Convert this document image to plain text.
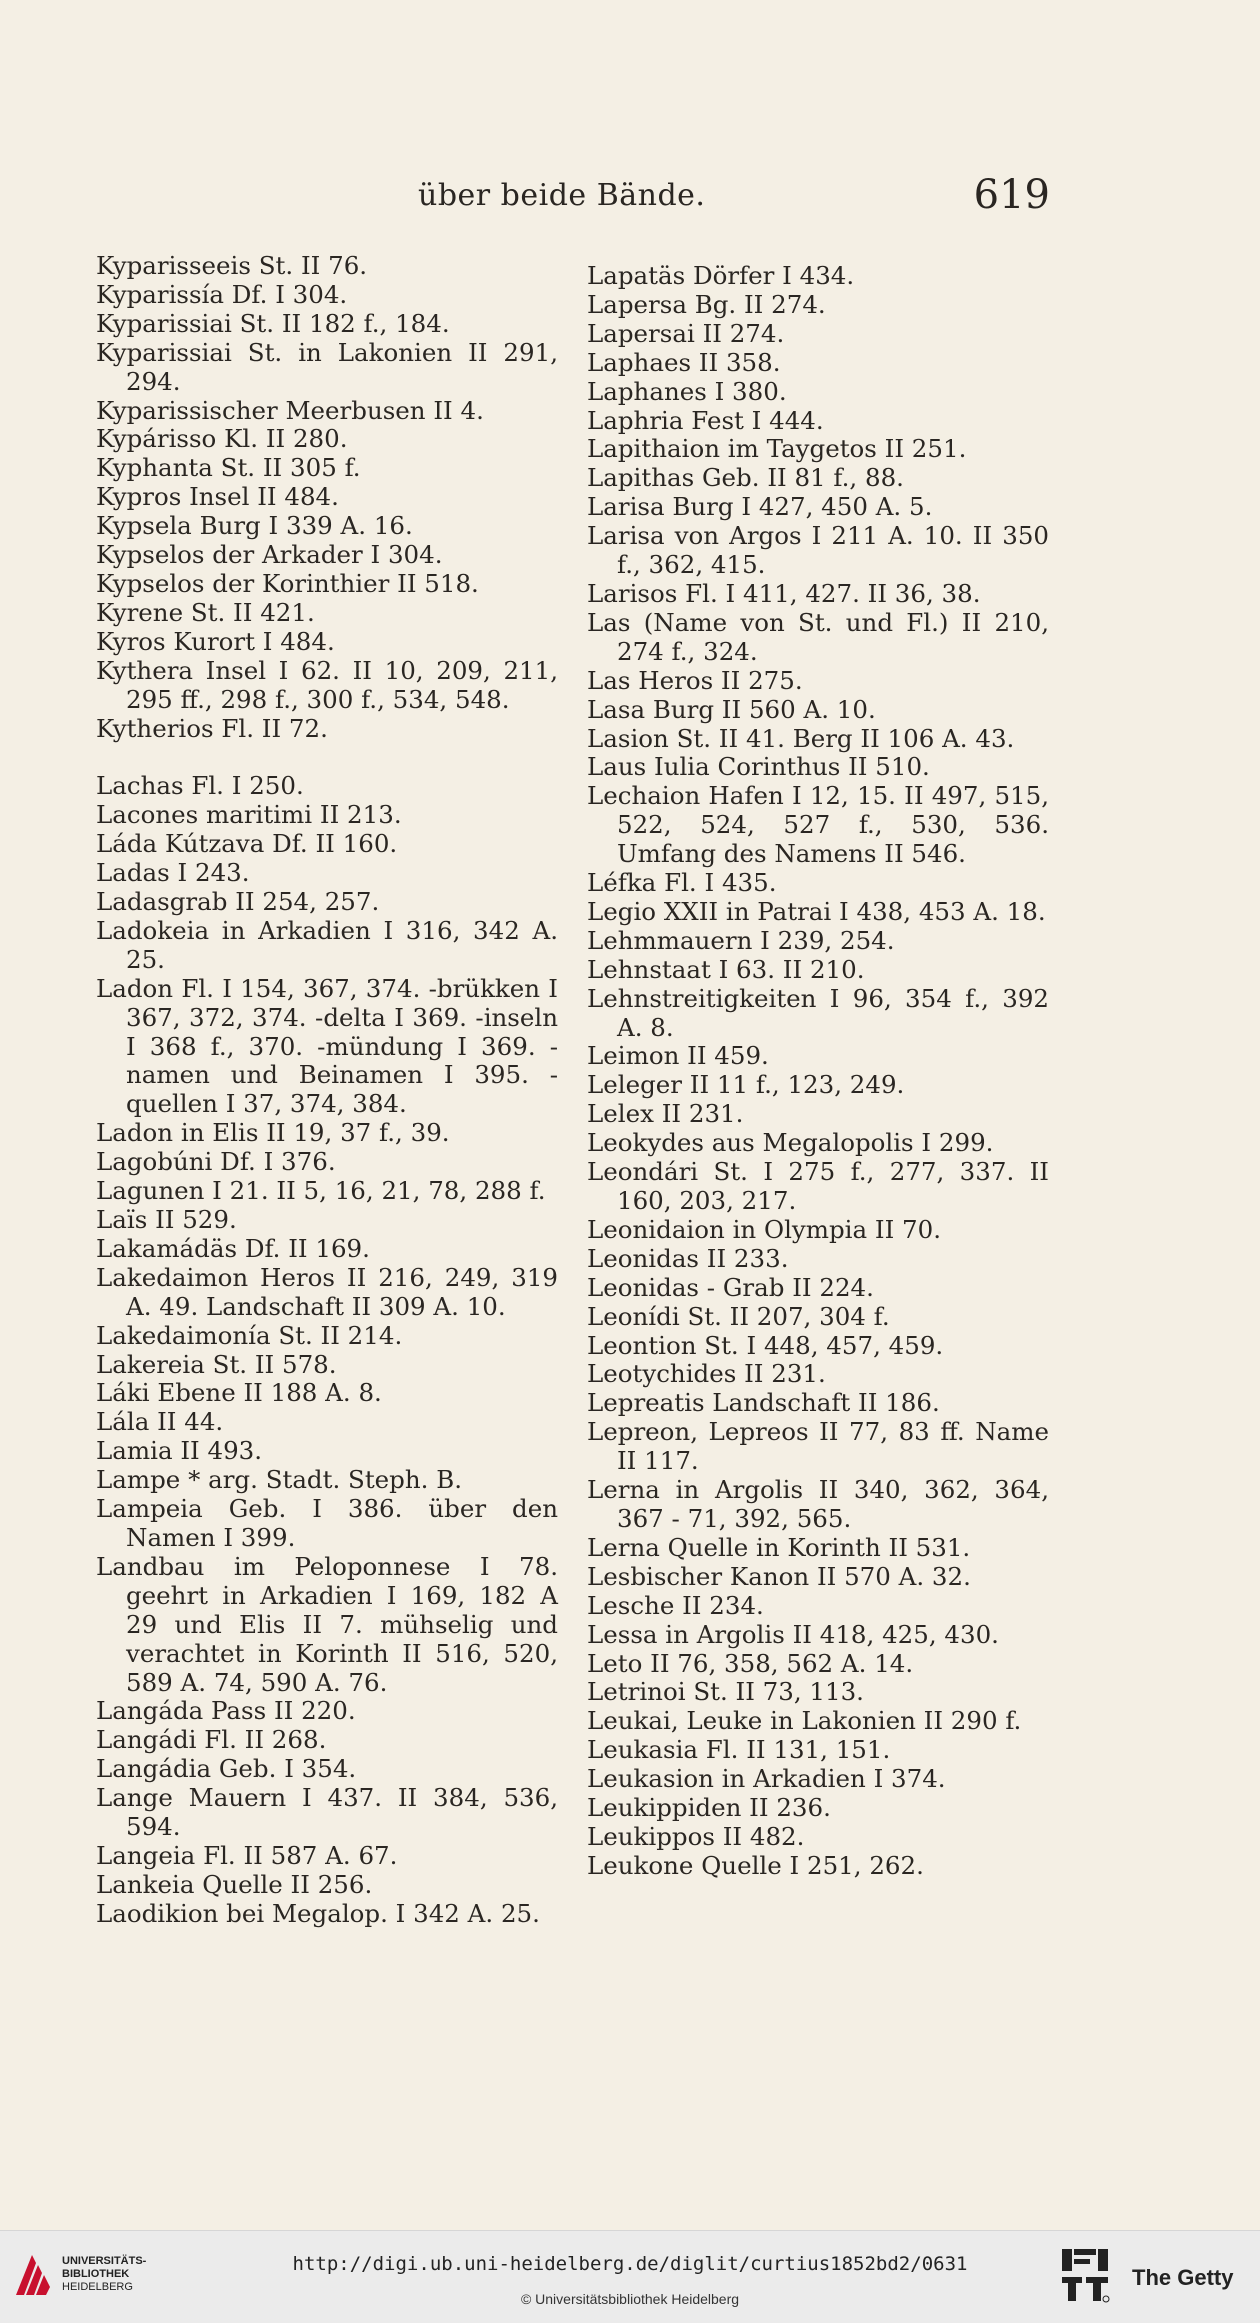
über beide Bände.	619
Kyparisseeis St. II 76.
Kyparissía Df. I 304.
Kyparissiai St. II 182 f., 184.
Kyparissiai St. in Lakonien II 291, 294.
Kyparissischer Meerbusen II 4.
Kypárisso Kl. II 280.
Kyphanta St. II 305 f.
Kypros Insel II 484.
Kypsela Burg I 339 A. 16.
Kypselos der Arkader I 304.
Kypselos der Korinthier II 518.
Kyrene St. II 421.
Kyros Kurort I 484.
Kythera Insel I 62. II 10, 209, 211, 295 ff., 298 f., 300 f., 534, 548.
Kytherios Fl. II 72.
Lachas Fl. I 250.
Lacones maritimi II 213.
Láda Kútzava Df. II 160.
Ladas I 243.
Ladasgrab II 254, 257.
Ladokeia in Arkadien I 316, 342 A. 25.
Ladon Fl. I 154, 367, 374. -brükken I 367, 372, 374. -delta I 369. -inseln I 368 f., 370. -mündung I 369. -namen und Beinamen I 395. -quellen I 37, 374, 384.
Ladon in Elis II 19, 37 f., 39.
Lagobúni Df. I 376.
Lagunen I 21. II 5, 16, 21, 78, 288 f.
Laïs II 529.
Lakamádäs Df. II 169.
Lakedaimon Heros II 216, 249, 319 A. 49. Landschaft II 309 A. 10.
Lakedaimonía St. II 214.
Lakereia St. II 578.
Láki Ebene II 188 A. 8.
Lála II 44.
Lamia II 493.
Lampe * arg. Stadt. Steph. B.
Lampeia Geb. I 386. über den Namen I 399.
Landbau im Peloponnese I 78. geehrt in Arkadien I 169, 182 A 29 und Elis II 7. mühselig und verachtet in Korinth II 516, 520, 589 A. 74, 590 A. 76.
Langáda Pass II 220.
Langádi Fl. II 268.
Langádia Geb. I 354.
Lange Mauern I 437. II 384, 536, 594.
Langeia Fl. II 587 A. 67.
Lankeia Quelle II 256.
Laodikion bei Megalop. I 342 A. 25.
Lapatäs Dörfer I 434.
Lapersa Bg. II 274.
Lapersai II 274.
Laphaes II 358.
Laphanes I 380.
Laphria Fest I 444.
Lapithaion im Taygetos II 251.
Lapithas Geb. II 81 f., 88.
Larisa Burg I 427, 450 A. 5.
Larisa von Argos I 211 A. 10. II 350 f., 362, 415.
Larisos Fl. I 411, 427. II 36, 38.
Las (Name von St. und Fl.) II 210, 274 f., 324.
Las Heros II 275.
Lasa Burg II 560 A. 10.
Lasion St. II 41. Berg II 106 A. 43.
Laus Iulia Corinthus II 510.
Lechaion Hafen I 12, 15. II 497, 515, 522, 524, 527 f., 530, 536. Umfang des Namens II 546.
Léfka Fl. I 435.
Legio XXII in Patrai I 438, 453 A. 18.
Lehmmauern I 239, 254.
Lehnstaat I 63. II 210.
Lehnstreitigkeiten I 96, 354 f., 392 A. 8.
Leimon II 459.
Leleger II 11 f., 123, 249.
Lelex II 231.
Leokydes aus Megalopolis I 299.
Leondári St. I 275 f., 277, 337. II 160, 203, 217.
Leonidaion in Olympia II 70.
Leonidas II 233.
Leonidas - Grab II 224.
Leonídi St. II 207, 304 f.
Leontion St. I 448, 457, 459.
Leotychides II 231.
Lepreatis Landschaft II 186.
Lepreon, Lepreos II 77, 83 ff. Name II 117.
Lerna in Argolis II 340, 362, 364, 367 - 71, 392, 565.
Lerna Quelle in Korinth II 531.
Lesbischer Kanon II 570 A. 32.
Lesche II 234.
Lessa in Argolis II 418, 425, 430.
Leto II 76, 358, 562 A. 14.
Letrinoi St. II 73, 113.
Leukai, Leuke in Lakonien II 290 f.
Leukasia Fl. II 131, 151.
Leukasion in Arkadien I 374.
Leukippiden II 236.
Leukippos II 482.
Leukone Quelle I 251, 262.
UNIVERSITÄTS-
BIBLIOTHEK
HEIDELBERG
http://digi.ub.uni-heidelberg.de/diglit/curtius1852bd2/0631
© Universitätsbibliothek Heidelberg
The Getty
